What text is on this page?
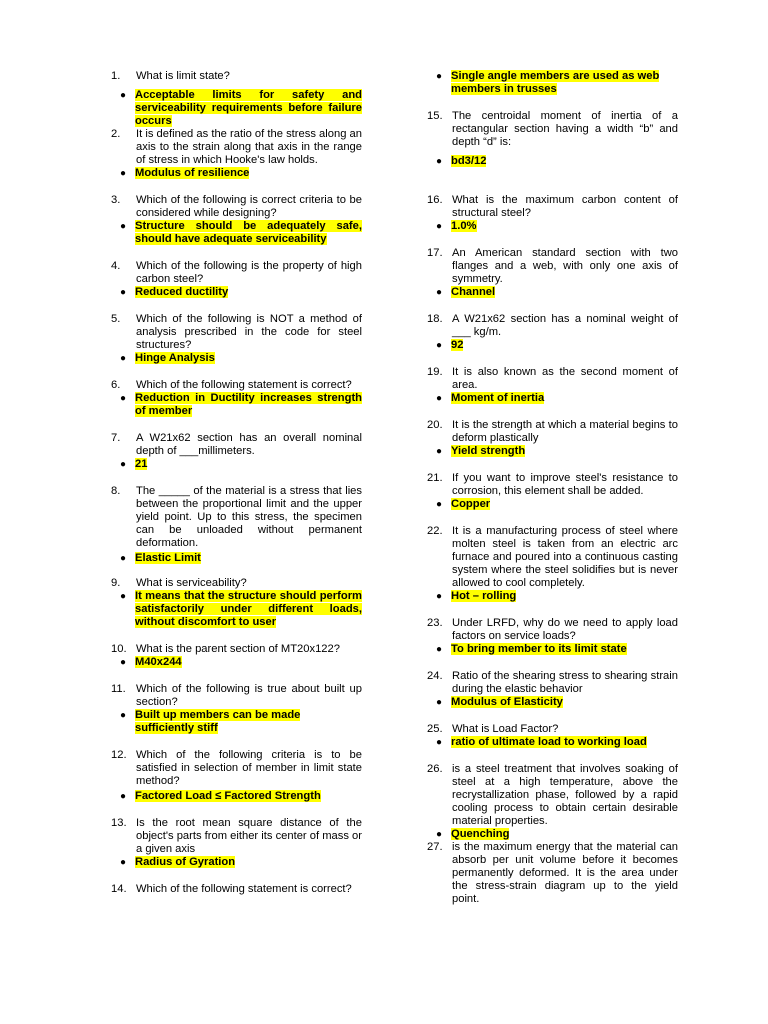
1.	What is limit state?
● Acceptable limits for safety and serviceability requirements before failure occurs
2.	It is defined as the ratio of the stress along an axis to the strain along that axis in the range of stress in which Hooke's law holds.
● Modulus of resilience
3.	Which of the following is correct criteria to be considered while designing?
● Structure should be adequately safe, should have adequate serviceability
4.	Which of the following is the property of high carbon steel?
● Reduced ductility
5.	Which of the following is NOT a method of analysis prescribed in the code for steel structures?
● Hinge Analysis
6.	Which of the following statement is correct?
● Reduction in Ductility increases strength of member
7.	A W21x62 section has an overall nominal depth of ___millimeters.
● 21
8.	The _____ of the material is a stress that lies between the proportional limit and the upper yield point. Up to this stress, the specimen can be unloaded without permanent deformation.
● Elastic Limit
9.	What is serviceability?
● It means that the structure should perform satisfactorily under different loads, without discomfort to user
10. What is the parent section of MT20x122?
● M40x244
11. Which of the following is true about built up section?
● Built up members can be made sufficiently stiff
12. Which of the following criteria is to be satisfied in selection of member in limit state method?
● Factored Load ≤ Factored Strength
13. Is the root mean square distance of the object's parts from either its center of mass or a given axis
● Radius of Gyration
14. Which of the following statement is correct?
● Single angle members are used as web members in trusses
15. The centroidal moment of inertia of a rectangular section having a width “b” and depth “d” is:
● bd3/12
16. What is the maximum carbon content of structural steel?
● 1.0%
17. An American standard section with two flanges and a web, with only one axis of symmetry.
● Channel
18. A W21x62 section has a nominal weight of ___ kg/m.
● 92
19. It is also known as the second moment of area.
● Moment of inertia
20. It is the strength at which a material begins to deform plastically
● Yield strength
21. If you want to improve steel's resistance to corrosion, this element shall be added.
● Copper
22. It is a manufacturing process of steel where molten steel is taken from an electric arc furnace and poured into a continuous casting system where the steel solidifies but is never allowed to cool completely.
● Hot – rolling
23. Under LRFD, why do we need to apply load factors on service loads?
● To bring member to its limit state
24. Ratio of the shearing stress to shearing strain during the elastic behavior
● Modulus of Elasticity
25. What is Load Factor?
● ratio of ultimate load to working load
26. is a steel treatment that involves soaking of steel at a high temperature, above the recrystallization phase, followed by a rapid cooling process to obtain certain desirable material properties.
● Quenching
27. is the maximum energy that the material can absorb per unit volume before it becomes permanently deformed. It is the area under the stress-strain diagram up to the yield point.
